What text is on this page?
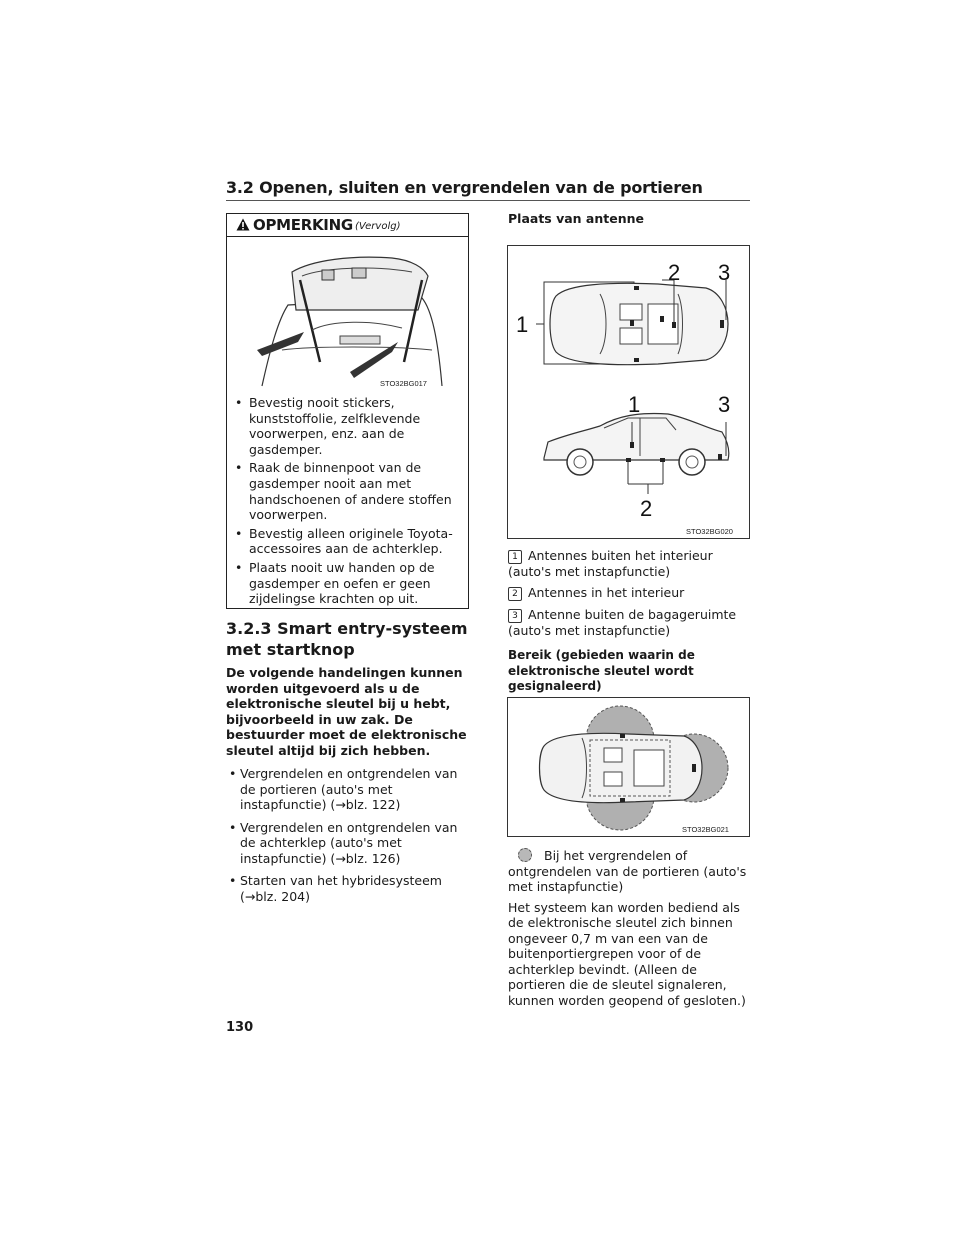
3.2 Openen, sluiten en vergrendelen van de portieren
OPMERKING (Vervolg)
STO32BG017
• Bevestig nooit stickers, kunststoffolie, zelfklevende voorwerpen, enz. aan de gasdemper.
• Raak de binnenpoot van de gasdemper nooit aan met handschoenen of andere stoffen voorwerpen.
• Bevestig alleen originele Toyota-accessoires aan de achterklep.
• Plaats nooit uw handen op de gasdemper en oefen er geen zijdelingse krachten op uit.
3.2.3 Smart entry-systeem met startknop
De volgende handelingen kunnen worden uitgevoerd als u de elektronische sleutel bij u hebt, bijvoorbeeld in uw zak. De bestuurder moet de elektronische sleutel altijd bij zich hebben.
• Vergrendelen en ontgrendelen van de portieren (auto's met instapfunctie) (→blz. 122)
• Vergrendelen en ontgrendelen van de achterklep (auto's met instapfunctie) (→blz. 126)
• Starten van het hybridesysteem (→blz. 204)
Plaats van antenne
1
2 3
1	3
2
STO32BG020
1 Antennes buiten het interieur (auto's met instapfunctie)
2 Antennes in het interieur
3 Antenne buiten de bagageruimte (auto's met instapfunctie)
Bereik (gebieden waarin de elektronische sleutel wordt gesignaleerd)
STO32BG021
Bij het vergrendelen of ontgrendelen van de portieren (auto's met instapfunctie)
Het systeem kan worden bediend als de elektronische sleutel zich binnen ongeveer 0,7 m van een van de buitenportiergrepen voor of de achterklep bevindt. (Alleen de portieren die de sleutel signaleren, kunnen worden geopend of gesloten.)
130
